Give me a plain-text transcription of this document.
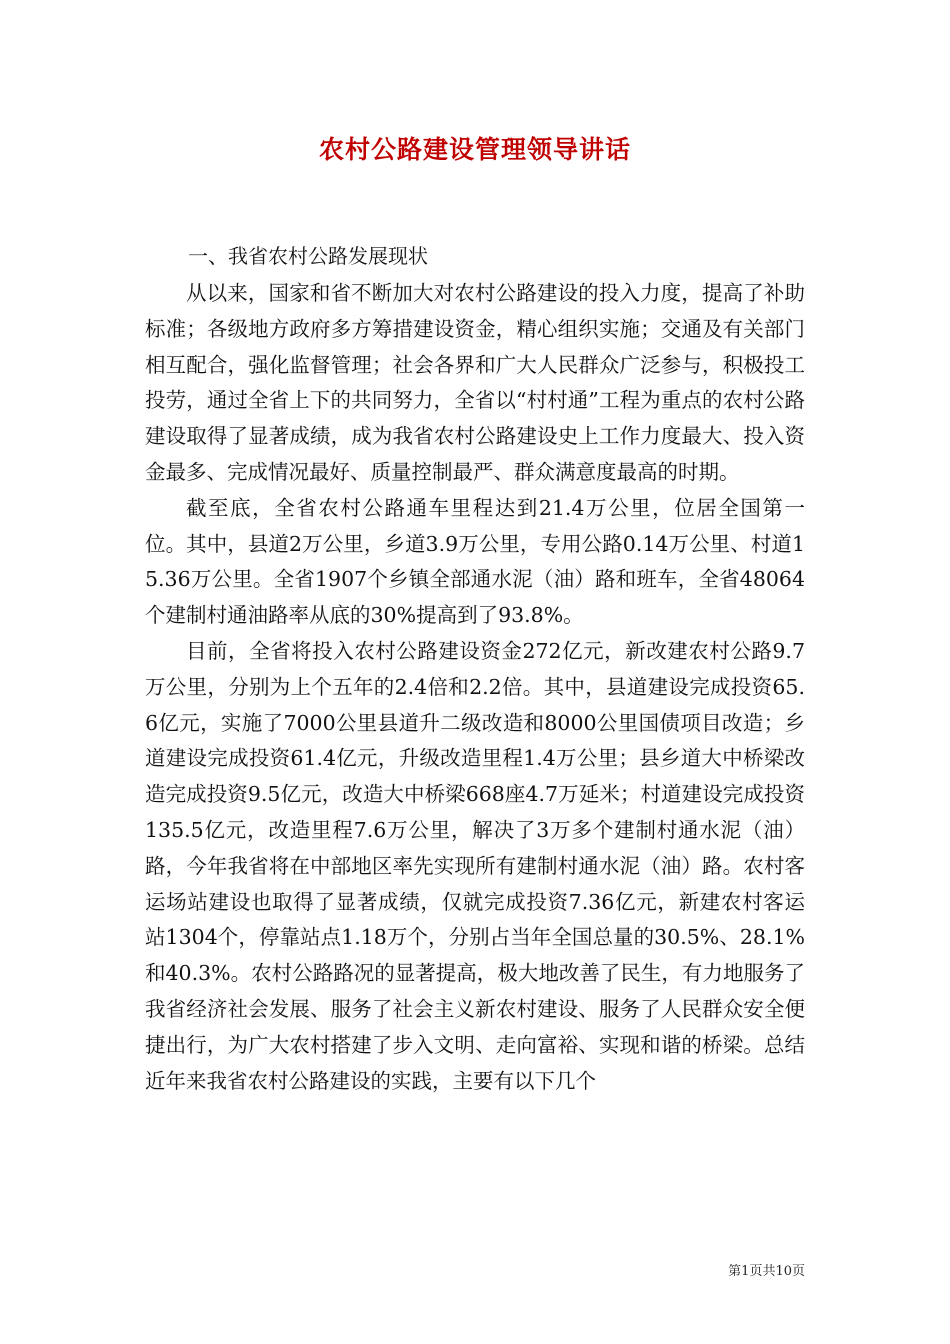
农村公路建设管理领导讲话
一、我省农村公路发展现状

从以来，国家和省不断加大对农村公路建设的投入力度，提高了补助标准；各级地方政府多方筹措建设资金，精心组织实施；交通及有关部门相互配合，强化监督管理；社会各界和广大人民群众广泛参与，积极投工投劳，通过全省上下的共同努力，全省以“村村通”工程为重点的农村公路建设取得了显著成绩，成为我省农村公路建设史上工作力度最大、投入资金最多、完成情况最好、质量控制最严、群众满意度最高的时期。

截至底，全省农村公路通车里程达到21.4万公里，位居全国第一位。其中，县道2万公里，乡道3.9万公里，专用公路0.14万公里、村道15.36万公里。全省1907个乡镇全部通水泥（油）路和班车，全省48064个建制村通油路率从底的30%提高到了93.8%。

目前，全省将投入农村公路建设资金272亿元，新改建农村公路9.7万公里，分别为上个五年的2.4倍和2.2倍。其中，县道建设完成投资65.6亿元，实施了7000公里县道升二级改造和8000公里国债项目改造；乡道建设完成投资61.4亿元，升级改造里程1.4万公里；县乡道大中桥梁改造完成投资9.5亿元，改造大中桥梁668座4.7万延米；村道建设完成投资135.5亿元，改造里程7.6万公里，解决了3万多个建制村通水泥（油）路，今年我省将在中部地区率先实现所有建制村通水泥（油）路。农村客运场站建设也取得了显著成绩，仅就完成投资7.36亿元，新建农村客运站1304个，停靠站点1.18万个，分别占当年全国总量的30.5%、28.1%和40.3%。农村公路路况的显著提高，极大地改善了民生，有力地服务了我省经济社会发展、服务了社会主义新农村建设、服务了人民群众安全便捷出行，为广大农村搭建了步入文明、走向富裕、实现和谐的桥梁。总结近年来我省农村公路建设的实践，主要有以下几个

第1页共10页
